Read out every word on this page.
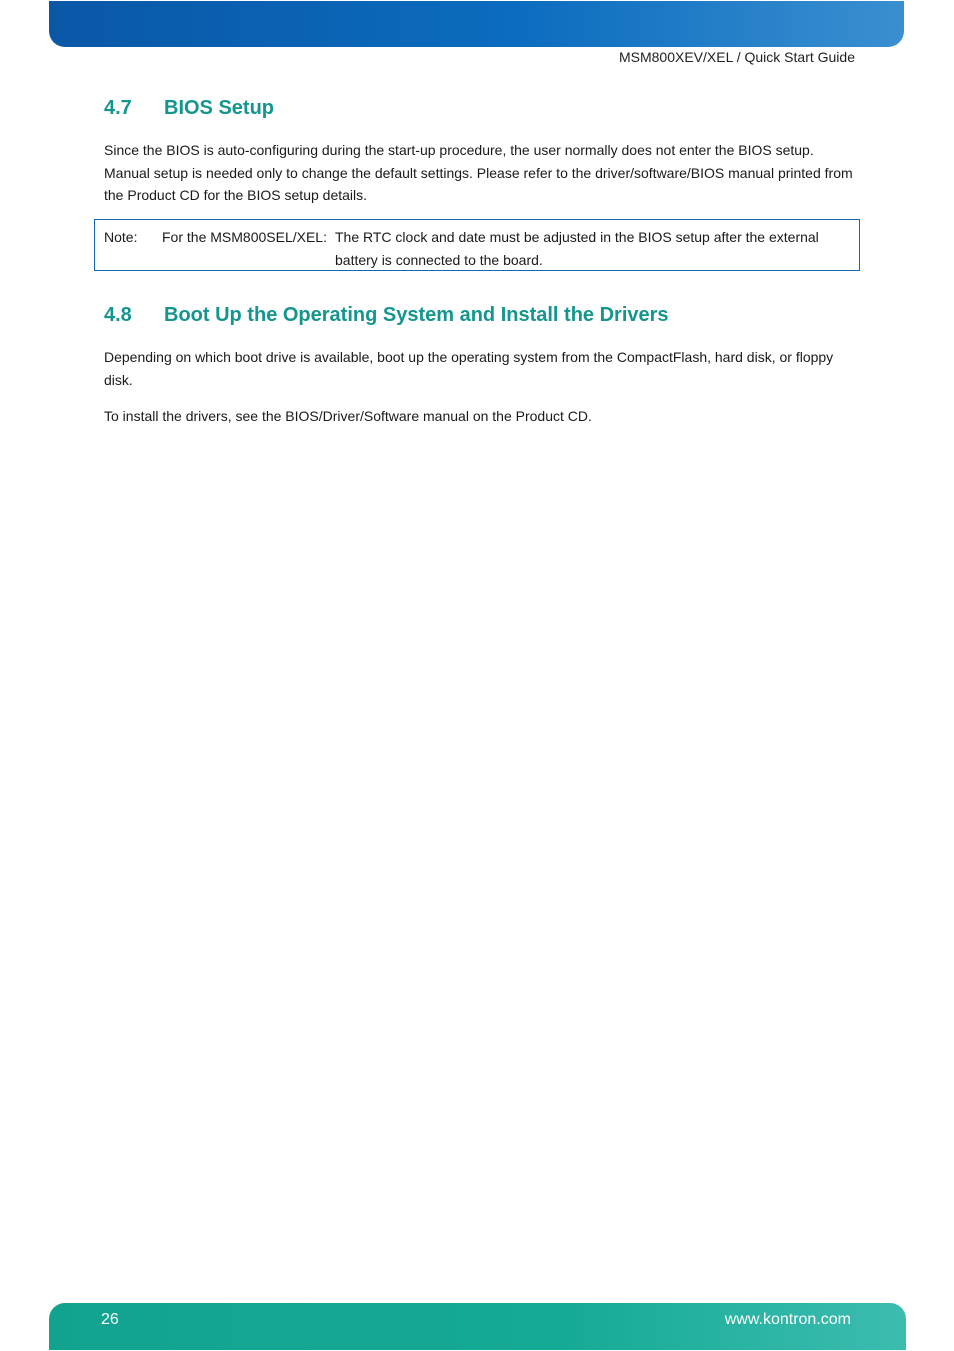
MSM800XEV/XEL / Quick Start Guide
4.7 BIOS Setup

Since the BIOS is auto-configuring during the start-up procedure, the user normally does not enter the BIOS setup. Manual setup is needed only to change the default settings. Please refer to the driver/software/BIOS manual printed from the Product CD for the BIOS setup details.

Note: For the MSM800SEL/XEL: The RTC clock and date must be adjusted in the BIOS setup after the external battery is connected to the board.
4.8 Boot Up the Operating System and Install the Drivers

Depending on which boot drive is available, boot up the operating system from the CompactFlash, hard disk, or floppy disk.

To install the drivers, see the BIOS/Driver/Software manual on the Product CD.

26	www.kontron.com
